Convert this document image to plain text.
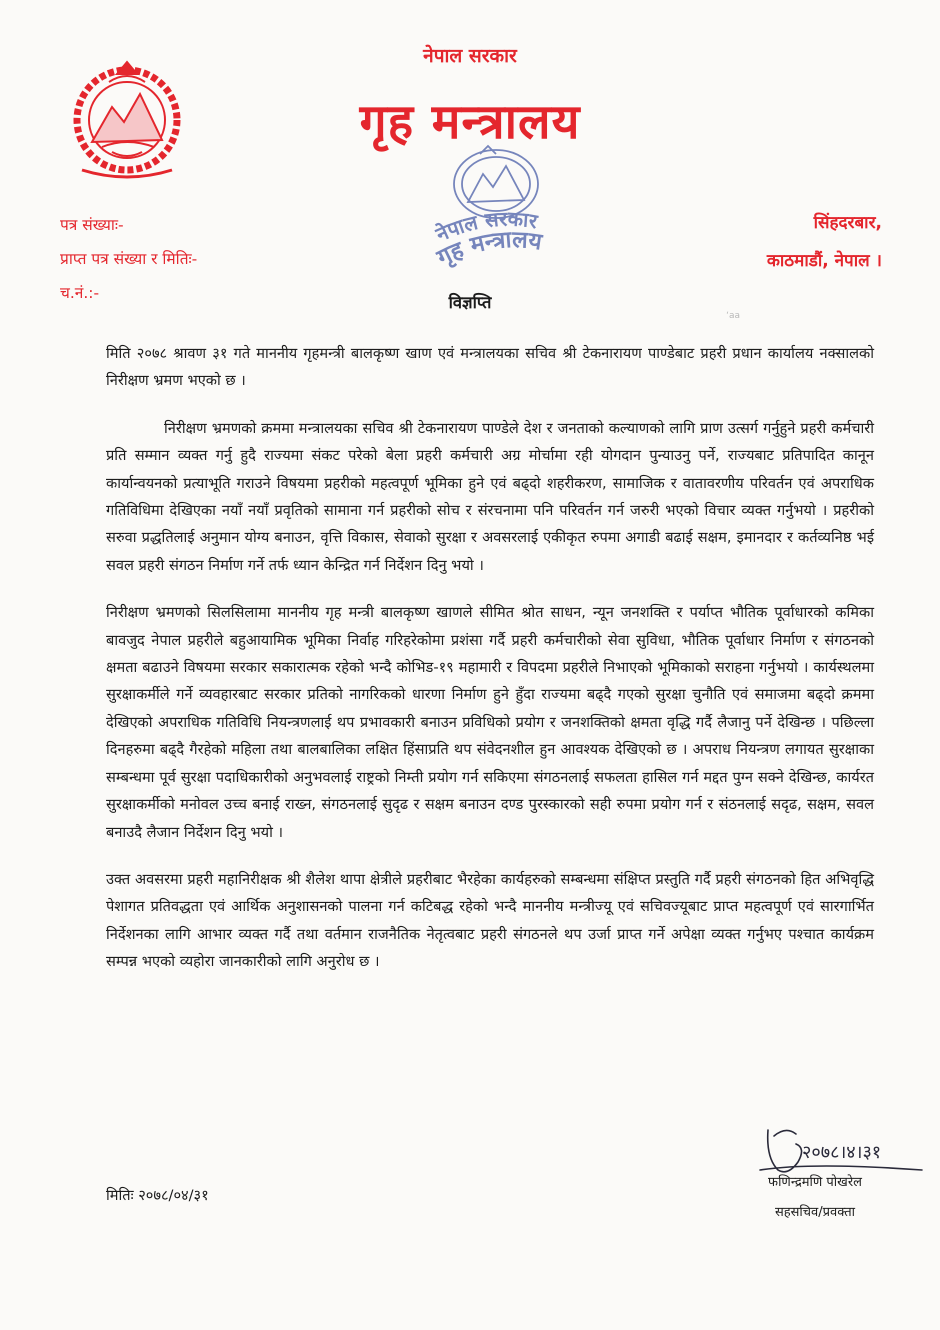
नेपाल सरकार
गृह मन्त्रालय
नेपाल सरकार
गृह मन्त्रालय
पत्र संख्याः-
प्राप्त पत्र संख्या र मितिः-
च.नं.:-
सिंहदरबार,
काठमाडौं, नेपाल ।
‘aa
विज्ञप्ति

मिति २०७८ श्रावण ३१ गते माननीय गृहमन्त्री बालकृष्ण खाण एवं मन्त्रालयका सचिव श्री टेकनारायण पाण्डेबाट प्रहरी प्रधान कार्यालय नक्सालको निरीक्षण भ्रमण भएको छ ।

निरीक्षण भ्रमणको क्रममा मन्त्रालयका सचिव श्री टेकनारायण पाण्डेले देश र जनताको कल्याणको लागि प्राण उत्सर्ग गर्नुहुने प्रहरी कर्मचारी प्रति सम्मान व्यक्त गर्नु हुदै राज्यमा संकट परेको बेला प्रहरी कर्मचारी अग्र मोर्चामा रही योगदान पुन्याउनु पर्ने, राज्यबाट प्रतिपादित कानून कार्यान्वयनको प्रत्याभूति गराउने विषयमा प्रहरीको महत्वपूर्ण भूमिका हुने एवं बढ्दो शहरीकरण, सामाजिक र वातावरणीय परिवर्तन एवं अपराधिक गतिविधिमा देखिएका नयाँ नयाँ प्रवृतिको सामाना गर्न प्रहरीको सोच र संरचनामा पनि परिवर्तन गर्न जरुरी भएको विचार व्यक्त गर्नुभयो । प्रहरीको सरुवा प्रद्धतिलाई अनुमान योग्य बनाउन, वृत्ति विकास, सेवाको सुरक्षा र अवसरलाई एकीकृत रुपमा अगाडी बढाई सक्षम, इमानदार र कर्तव्यनिष्ठ भई सवल प्रहरी संगठन निर्माण गर्ने तर्फ ध्यान केन्द्रित गर्न निर्देशन दिनु भयो ।

निरीक्षण भ्रमणको सिलसिलामा माननीय गृह मन्त्री बालकृष्ण खाणले सीमित श्रोत साधन, न्यून जनशक्ति र पर्याप्त भौतिक पूर्वाधारको कमिका बावजुद नेपाल प्रहरीले बहुआयामिक भूमिका निर्वाह गरिहरेकोमा प्रशंसा गर्दै प्रहरी कर्मचारीको सेवा सुविधा, भौतिक पूर्वाधार निर्माण र संगठनको क्षमता बढाउने विषयमा सरकार सकारात्मक रहेको भन्दै कोभिड-१९ महामारी र विपदमा प्रहरीले निभाएको भूमिकाको सराहना गर्नुभयो । कार्यस्थलमा सुरक्षाकर्मीले गर्ने व्यवहारबाट सरकार प्रतिको नागरिकको धारणा निर्माण हुने हुँदा राज्यमा बढ्दै गएको सुरक्षा चुनौति एवं समाजमा बढ्दो क्रममा देखिएको अपराधिक गतिविधि नियन्त्रणलाई थप प्रभावकारी बनाउन प्रविधिको प्रयोग र जनशक्तिको क्षमता वृद्धि गर्दै लैजानु पर्ने देखिन्छ । पछिल्ला दिनहरुमा बढ्दै गैरहेको महिला तथा बालबालिका लक्षित हिंसाप्रति थप संवेदनशील हुन आवश्यक देखिएको छ । अपराध नियन्त्रण लगायत सुरक्षाका सम्बन्धमा पूर्व सुरक्षा पदाधिकारीको अनुभवलाई राष्ट्रको निम्ती प्रयोग गर्न सकिएमा संगठनलाई सफलता हासिल गर्न मद्दत पुग्न सक्ने देखिन्छ, कार्यरत सुरक्षाकर्मीको मनोवल उच्च बनाई राख्न, संगठनलाई सुदृढ र सक्षम बनाउन दण्ड पुरस्कारको सही रुपमा प्रयोग गर्न र संठनलाई सदृढ, सक्षम, सवल बनाउदै लैजान निर्देशन दिनु भयो ।

उक्त अवसरमा प्रहरी महानिरीक्षक श्री शैलेश थापा क्षेत्रीले प्रहरीबाट भैरहेका कार्यहरुको सम्बन्धमा संक्षिप्त प्रस्तुति गर्दै प्रहरी संगठनको हित अभिवृद्धि पेशागत प्रतिवद्धता एवं आर्थिक अनुशासनको पालना गर्न कटिबद्ध रहेको भन्दै माननीय मन्त्रीज्यू एवं सचिवज्यूबाट प्राप्त महत्वपूर्ण एवं सारगार्भित निर्देशनका लागि आभार व्यक्त गर्दै तथा वर्तमान राजनैतिक नेतृत्वबाट प्रहरी संगठनले थप उर्जा प्राप्त गर्ने अपेक्षा व्यक्त गर्नुभए पश्चात कार्यक्रम सम्पन्न भएको व्यहोरा जानकारीको लागि अनुरोध छ ।

मितिः २०७८/०४/३१
२०७८।४।३१
फणिन्द्रमणि पोखरेल
सहसचिव/प्रवक्ता
